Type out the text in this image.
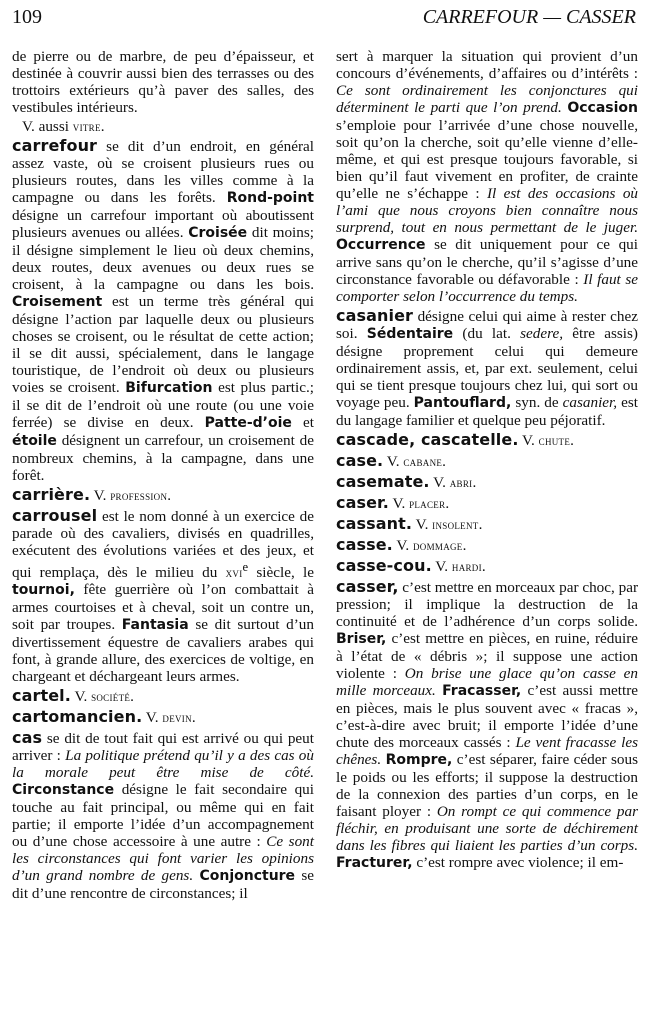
109	CARREFOUR — CASSER

de pierre ou de marbre, de peu d’épaisseur, et destinée à couvrir aussi bien des terrasses ou des trottoirs extérieurs qu’à paver des salles, des vestibules intérieurs.

V. aussi vitre.

carrefour se dit d’un endroit, en général assez vaste, où se croisent plusieurs rues ou plusieurs routes, dans les villes comme à la campagne ou dans les forêts. Rond-point désigne un carrefour important où aboutissent plusieurs avenues ou allées. Croisée dit moins; il désigne simplement le lieu où deux chemins, deux routes, deux avenues ou deux rues se croisent, à la campagne ou dans les bois. Croisement est un terme très général qui désigne l’action par laquelle deux ou plusieurs choses se croisent, ou le résultat de cette action; il se dit aussi, spécialement, dans le langage touristique, de l’endroit où deux ou plusieurs voies se croisent. Bifurcation est plus partic.; il se dit de l’endroit où une route (ou une voie ferrée) se divise en deux. Patte-d’oie et étoile désignent un carrefour, un croisement de nombreux chemins, à la campagne, dans une forêt.

carrière. V. profession.

carrousel est le nom donné à un exercice de parade où des cavaliers, divisés en quadrilles, exécutent des évolutions variées et des jeux, et qui remplaça, dès le milieu du xvi$^e$ siècle, le tournoi, fête guerrière où l’on combattait à armes courtoises et à cheval, soit un contre un, soit par troupes. Fantasia se dit surtout d’un divertissement équestre de cavaliers arabes qui font, à grande allure, des exercices de voltige, en chargeant et déchargeant leurs armes.

cartel. V. société.

cartomancien. V. devin.

cas se dit de tout fait qui est arrivé ou qui peut arriver : La politique prétend qu’il y a des cas où la morale peut être mise de côté. Circonstance désigne le fait secondaire qui touche au fait principal, ou même qui en fait partie; il emporte l’idée d’un accompagnement ou d’une chose accessoire à une autre : Ce sont les circonstances qui font varier les opinions d’un grand nombre de gens. Conjoncture se dit d’une rencontre de circonstances; il

sert à marquer la situation qui provient d’un concours d’événements, d’affaires ou d’intérêts : Ce sont ordinairement les conjonctures qui déterminent le parti que l’on prend. Occasion s’emploie pour l’arrivée d’une chose nouvelle, soit qu’on la cherche, soit qu’elle vienne d’elle-même, et qui est presque toujours favorable, si bien qu’il faut vivement en profiter, de crainte qu’elle ne s’échappe : Il est des occasions où l’ami que nous croyons bien connaître nous surprend, tout en nous permettant de le juger. Occurrence se dit uniquement pour ce qui arrive sans qu’on le cherche, qu’il s’agisse d’une circonstance favorable ou défavorable : Il faut se comporter selon l’occurrence du temps.

casanier désigne celui qui aime à rester chez soi. Sédentaire (du lat. sedere, être assis) désigne proprement celui qui demeure ordinairement assis, et, par ext. seulement, celui qui se tient presque toujours chez lui, qui sort ou voyage peu. Pantouflard, syn. de casanier, est du langage familier et quelque peu péjoratif.

cascade, cascatelle. V. chute.

case. V. cabane.

casemate. V. abri.

caser. V. placer.

cassant. V. insolent.

casse. V. dommage.

casse-cou. V. hardi.

casser, c’est mettre en morceaux par choc, par pression; il implique la destruction de la continuité et de l’adhérence d’un corps solide. Briser, c’est mettre en pièces, en ruine, réduire à l’état de « débris »; il suppose une action violente : On brise une glace qu’on casse en mille morceaux. Fracasser, c’est aussi mettre en pièces, mais le plus souvent avec « fracas », c’est-à-dire avec bruit; il emporte l’idée d’une chute des morceaux cassés : Le vent fracasse les chênes. Rompre, c’est séparer, faire céder sous le poids ou les efforts; il suppose la destruction de la connexion des parties d’un corps, en le faisant ployer : On rompt ce qui commence par fléchir, en produisant une sorte de déchirement dans les fibres qui liaient les parties d’un corps. Fracturer, c’est rompre avec violence; il em-
